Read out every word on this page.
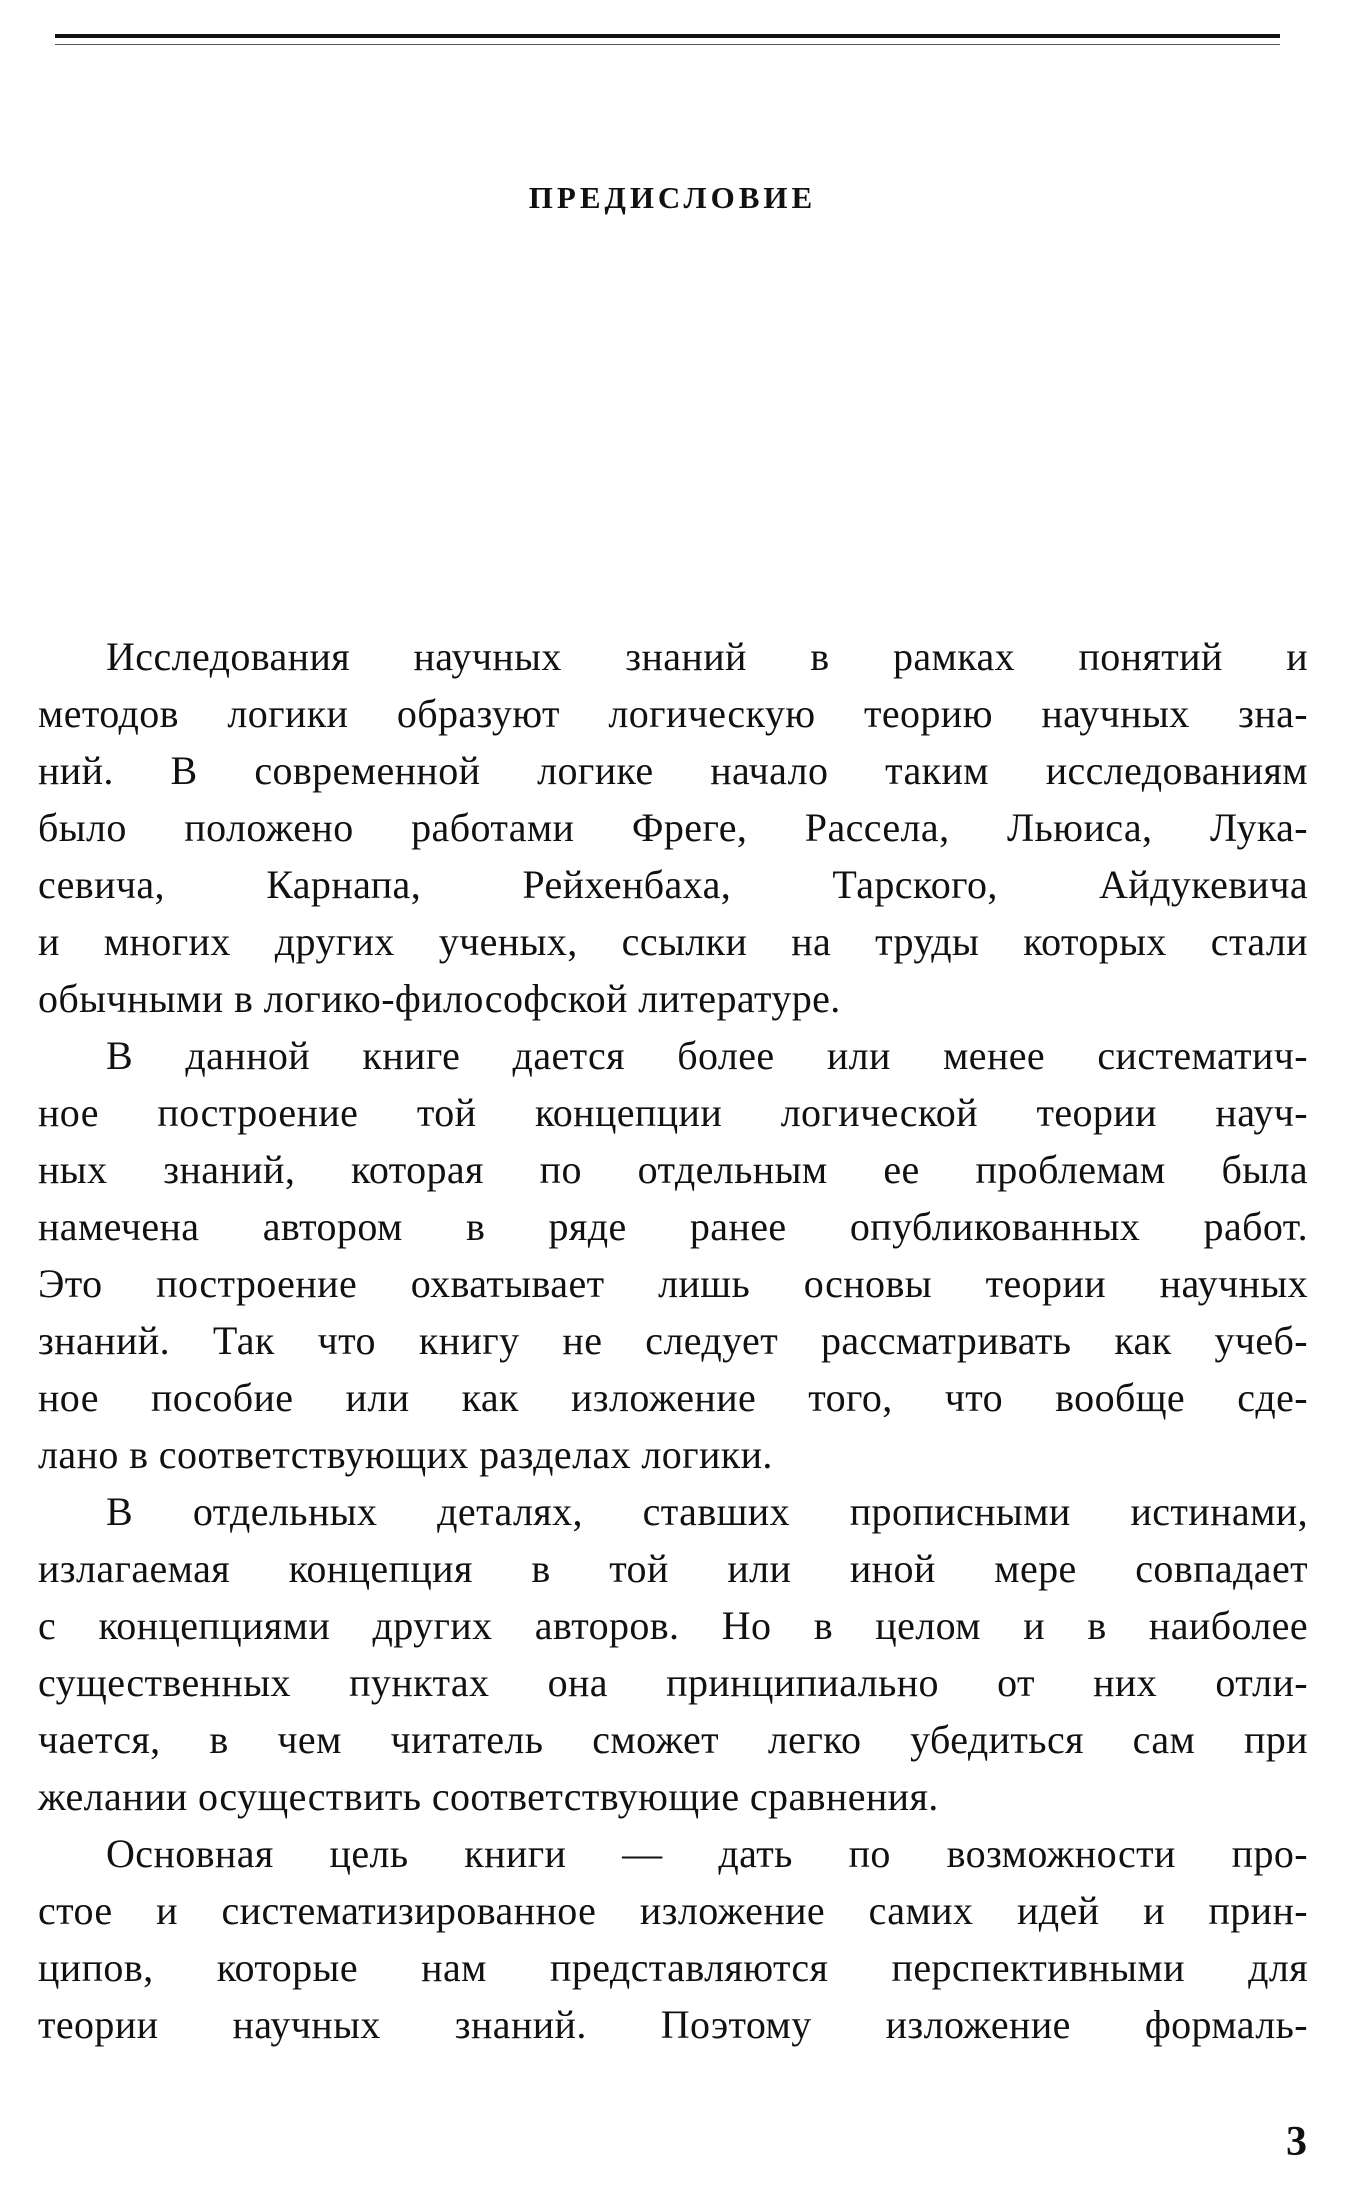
ПРЕДИСЛОВИЕ
Исследования научных знаний в рамках понятий и
методов логики образуют логическую теорию научных зна-
ний. В современной логике начало таким исследованиям
было положено работами Фреге, Рассела, Льюиса, Лука-
севича, Карнапа, Рейхенбаха, Тарского, Айдукевича
и многих других ученых, ссылки на труды которых стали
обычными в логико-философской литературе.
В данной книге дается более или менее систематич-
ное построение той концепции логической теории науч-
ных знаний, которая по отдельным ее проблемам была
намечена автором в ряде ранее опубликованных работ.
Это построение охватывает лишь основы теории научных
знаний. Так что книгу не следует рассматривать как учеб-
ное пособие или как изложение того, что вообще сде-
лано в соответствующих разделах логики.
В отдельных деталях, ставших прописными истинами,
излагаемая концепция в той или иной мере совпадает
с концепциями других авторов. Но в целом и в наиболее
существенных пунктах она принципиально от них отли-
чается, в чем читатель сможет легко убедиться сам при
желании осуществить соответствующие сравнения.
Основная цель книги — дать по возможности про-
стое и систематизированное изложение самих идей и прин-
ципов, которые нам представляются перспективными для
теории научных знаний. Поэтому изложение формаль-
3
